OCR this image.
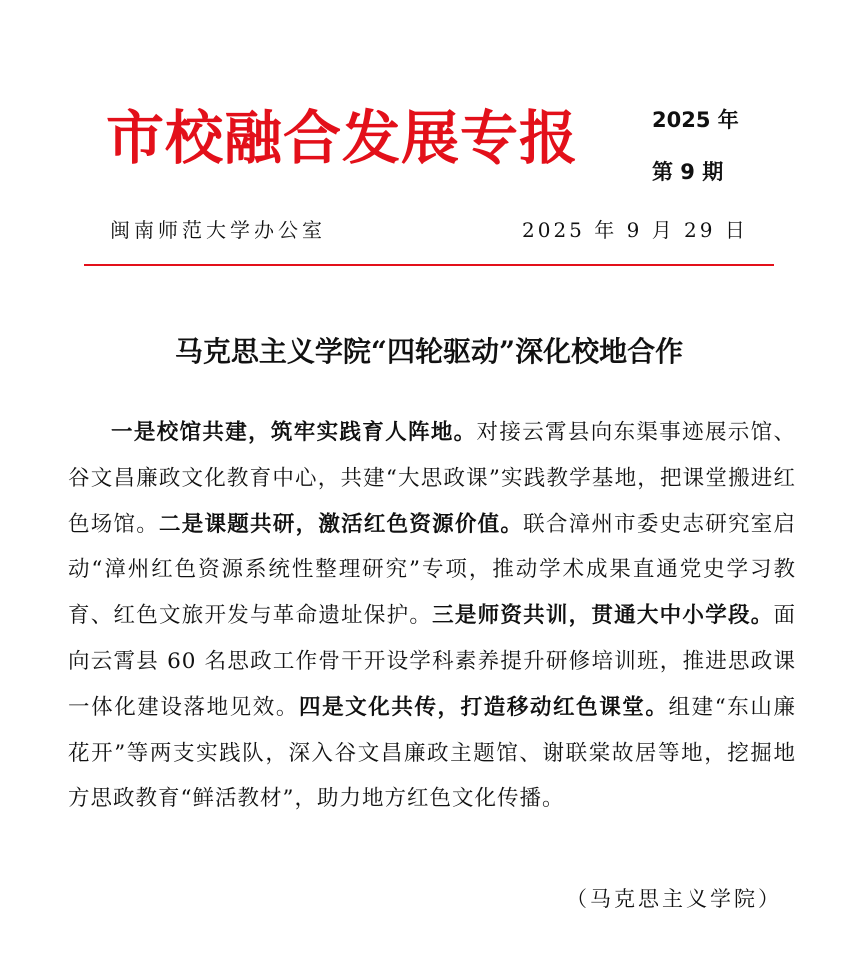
市校融合发展专报	2025 年
第 9 期
闽南师范大学办公室	2025 年 9 月 29 日
马克思主义学院“四轮驱动”深化校地合作
一是校馆共建，筑牢实践育人阵地。对接云霄县向东渠事迹展示馆、谷文昌廉政文化教育中心，共建“大思政课”实践教学基地，把课堂搬进红色场馆。二是课题共研，激活红色资源价值。联合漳州市委史志研究室启动“漳州红色资源系统性整理研究”专项，推动学术成果直通党史学习教育、红色文旅开发与革命遗址保护。三是师资共训，贯通大中小学段。面向云霄县 60 名思政工作骨干开设学科素养提升研修培训班，推进思政课一体化建设落地见效。四是文化共传，打造移动红色课堂。组建“东山廉花开”等两支实践队，深入谷文昌廉政主题馆、谢联棠故居等地，挖掘地方思政教育“鲜活教材”，助力地方红色文化传播。
（马克思主义学院）
